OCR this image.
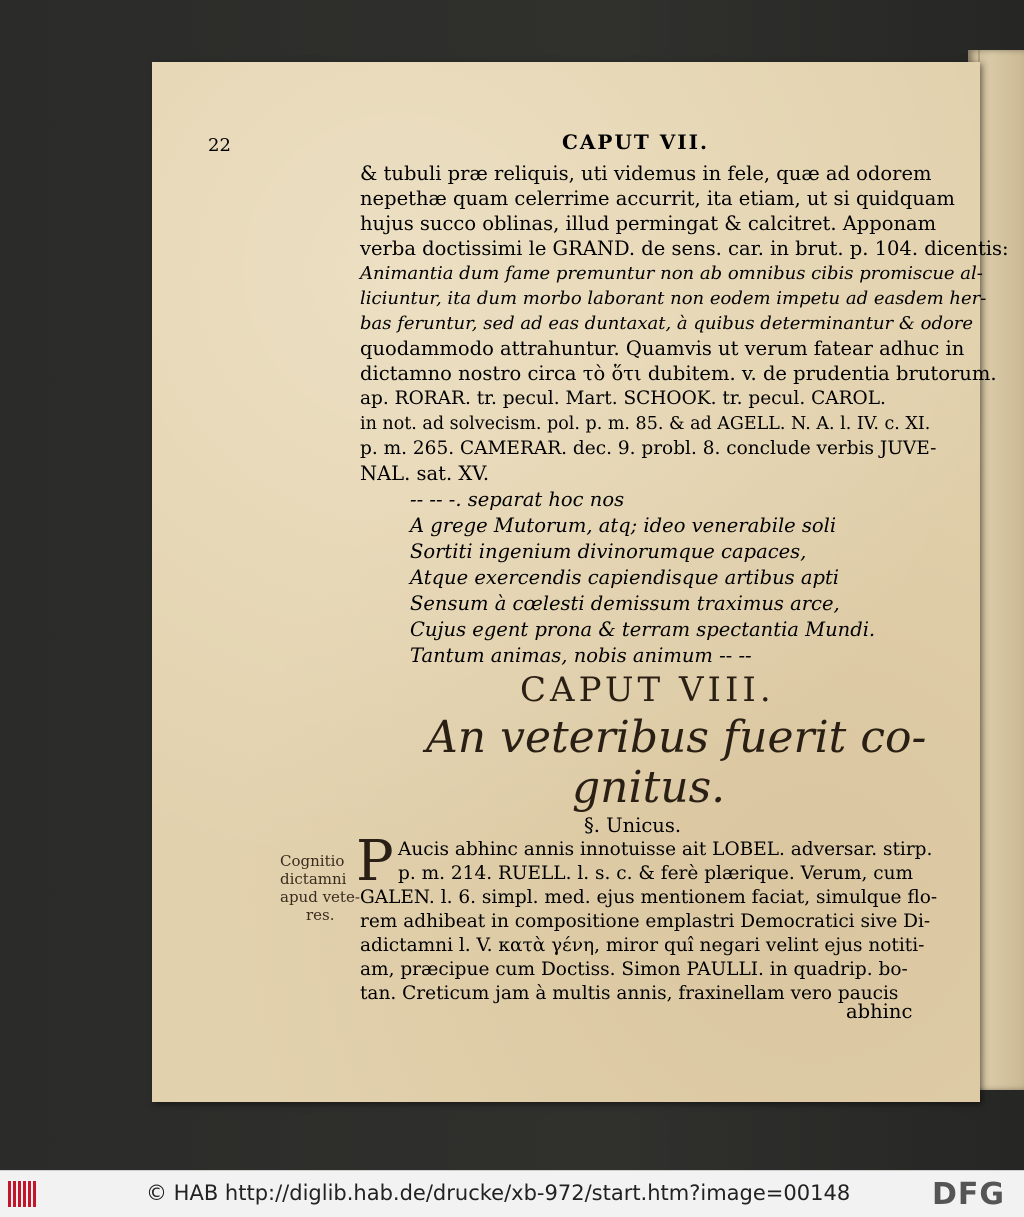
22	CAPUT VII.
& tubuli præ reliquis, uti videmus in fele, quæ ad odorem
nepethæ quam celerrime accurrit, ita etiam, ut si quidquam
hujus succo oblinas, illud permingat & calcitret. Apponam
verba doctissimi le GRAND. de sens. car. in brut. p. 104. dicentis:
Animantia dum fame premuntur non ab omnibus cibis promiscue al-
liciuntur, ita dum morbo laborant non eodem impetu ad easdem her-
bas feruntur, sed ad eas duntaxat, à quibus determinantur & odore
quodammodo attrahuntur. Quamvis ut verum fatear adhuc in
dictamno nostro circa τὸ ὅτι dubitem. v. de prudentia brutorum.
ap. RORAR. tr. pecul. Mart. SCHOOK. tr. pecul. CAROL.
in not. ad solvecism. pol. p. m. 85. & ad AGELL. N. A. l. IV. c. XI.
p. m. 265. CAMERAR. dec. 9. probl. 8. conclude verbis JUVE-
NAL. sat. XV.
-- -- -. separat hoc nos
A grege Mutorum, atq; ideo venerabile soli
Sortiti ingenium divinorumque capaces,
Atque exercendis capiendisque artibus apti
Sensum à cœlesti demissum traximus arce,
Cujus egent prona & terram spectantia Mundi.
Tantum animas, nobis animum -- --
CAPUT VIII.
An veteribus fuerit co-
gnitus.
§. Unicus.
Cognitio
dictamni
apud vete-
res.
P Aucis abhinc annis innotuisse ait LOBEL. adversar. stirp.
p. m. 214. RUELL. l. s. c. & ferè plærique. Verum, cum
GALEN. l. 6. simpl. med. ejus mentionem faciat, simulque flo-
rem adhibeat in compositione emplastri Democratici sive Di-
adictamni l. V. κατὰ γένη, miror quî negari velint ejus notiti-
am, præcipue cum Doctiss. Simon PAULLI. in quadrip. bo-
tan. Creticum jam à multis annis, fraxinellam vero paucis
abhinc
© HAB http://diglib.hab.de/drucke/xb-972/start.htm?image=00148	DFG
